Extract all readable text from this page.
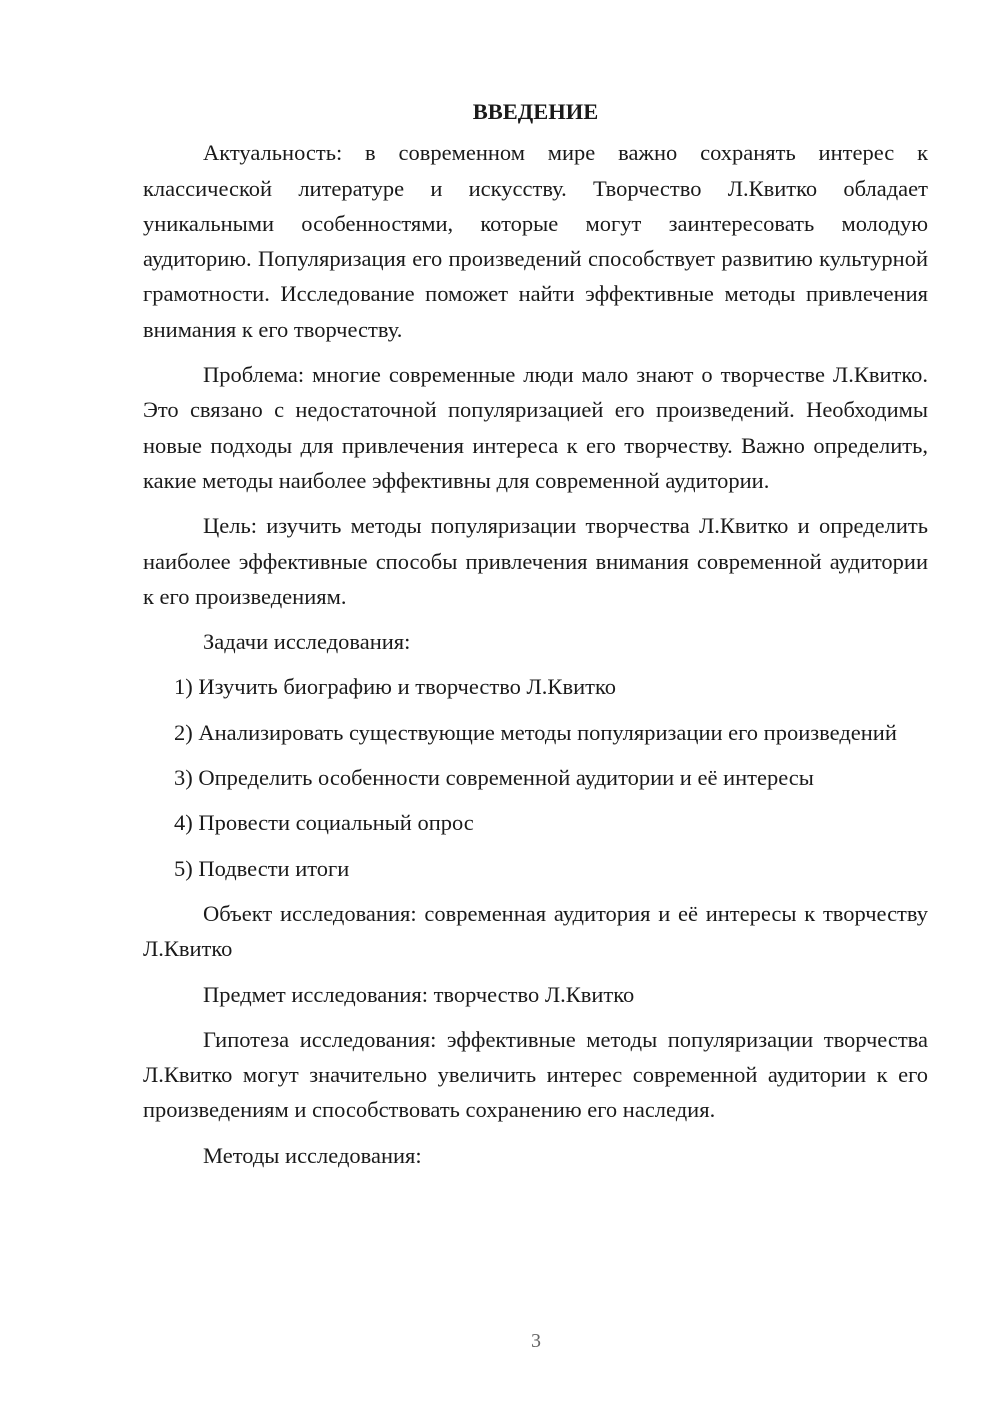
ВВЕДЕНИЕ

Актуальность: в современном мире важно сохранять интерес к классической литературе и искусству. Творчество Л.Квитко обладает уникальными особенностями, которые могут заинтересовать молодую аудиторию. Популяризация его произведений способствует развитию культурной грамотности. Исследование поможет найти эффективные методы привлечения внимания к его творчеству.

Проблема: многие современные люди мало знают о творчестве Л.Квитко. Это связано с недостаточной популяризацией его произведений. Необходимы новые подходы для привлечения интереса к его творчеству. Важно определить, какие методы наиболее эффективны для современной аудитории.

Цель: изучить методы популяризации творчества Л.Квитко и определить наиболее эффективные способы привлечения внимания современной аудитории к его произведениям.

Задачи исследования:

1) Изучить биографию и творчество Л.Квитко

2) Анализировать существующие методы популяризации его произведений

3) Определить особенности современной аудитории и её интересы

4) Провести социальный опрос

5) Подвести итоги

Объект исследования: современная аудитория и её интересы к творчеству Л.Квитко

Предмет исследования: творчество Л.Квитко

Гипотеза исследования: эффективные методы популяризации творчества Л.Квитко могут значительно увеличить интерес современной аудитории к его произведениям и способствовать сохранению его наследия.

Методы исследования:

3
